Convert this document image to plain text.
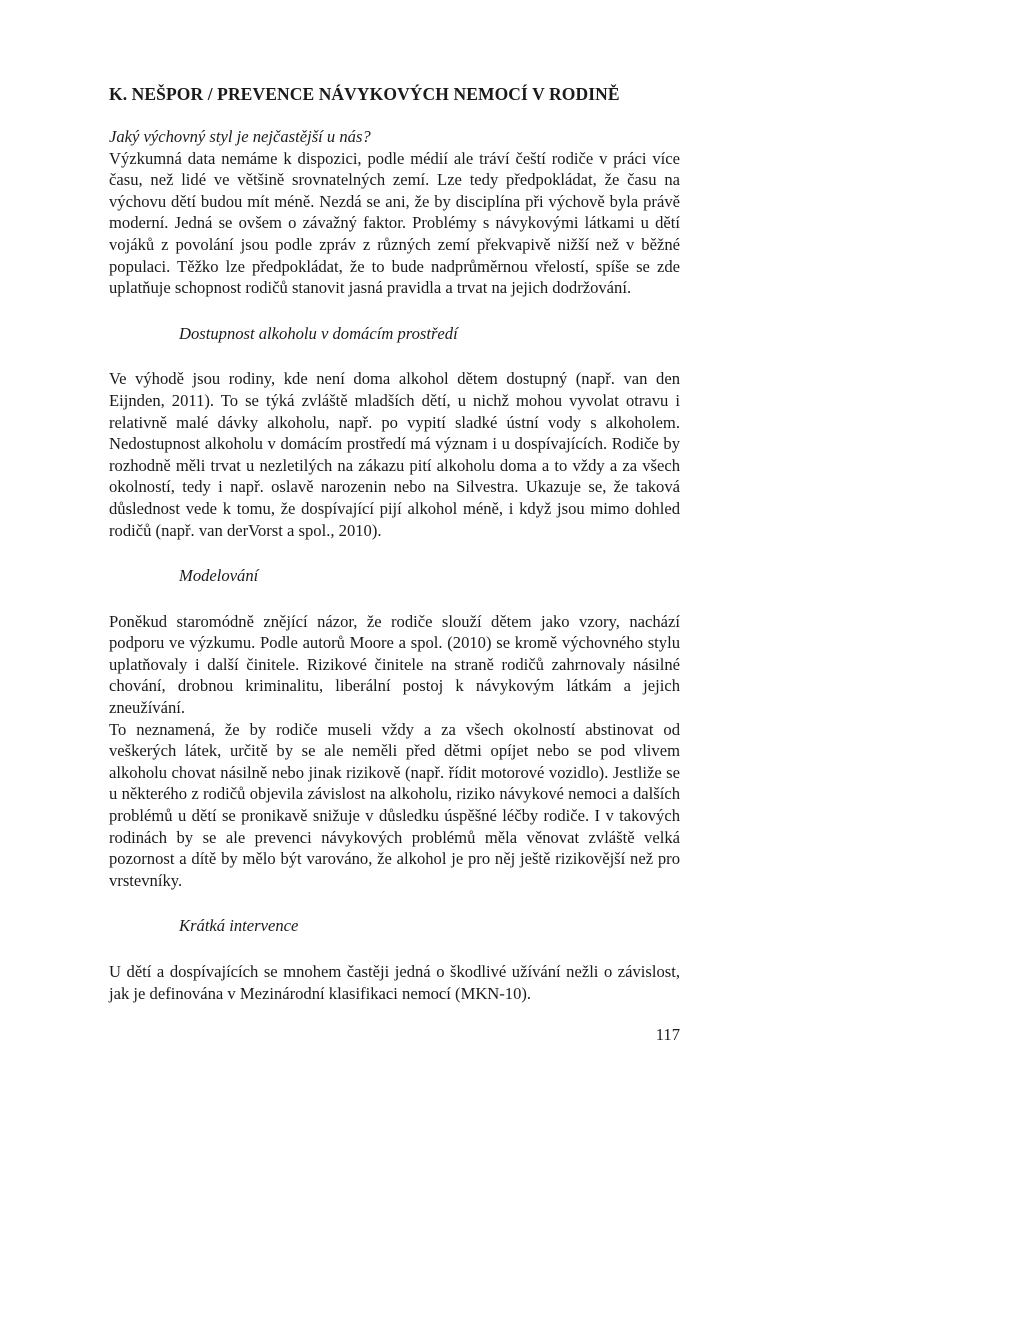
K. NEŠPOR / PREVENCE NÁVYKOVÝCH NEMOCÍ V RODINĚ

Jaký výchovný styl je nejčastější u nás?

Výzkumná data nemáme k dispozici, podle médií ale tráví čeští rodiče v práci více času, než lidé ve většině srovnatelných zemí. Lze tedy předpokládat, že času na výchovu dětí budou mít méně. Nezdá se ani, že by disciplína při výchově byla právě moderní. Jedná se ovšem o závažný faktor. Problémy s návykovými látkami u dětí vojáků z povolání jsou podle zpráv z různých zemí překvapivě nižší než v běžné populaci. Těžko lze předpokládat, že to bude nadprůměrnou vřelostí, spíše se zde uplatňuje schopnost rodičů stanovit jasná pravidla a trvat na jejich dodržování.

Dostupnost alkoholu v domácím prostředí

Ve výhodě jsou rodiny, kde není doma alkohol dětem dostupný (např. van den Eijnden, 2011). To se týká zvláště mladších dětí, u nichž mohou vyvolat otravu i relativně malé dávky alkoholu, např. po vypití sladké ústní vody s alkoholem. Nedostupnost alkoholu v domácím prostředí má význam i u dospívajících. Rodiče by rozhodně měli trvat u nezletilých na zákazu pití alkoholu doma a to vždy a za všech okolností, tedy i např. oslavě narozenin nebo na Silvestra. Ukazuje se, že taková důslednost vede k tomu, že dospívající pijí alkohol méně, i když jsou mimo dohled rodičů (např. van derVorst a spol., 2010).

Modelování

Poněkud staromódně znějící názor, že rodiče slouží dětem jako vzory, nachází podporu ve výzkumu. Podle autorů Moore a spol. (2010) se kromě výchovného stylu uplatňovaly i další činitele. Rizikové činitele na straně rodičů zahrnovaly násilné chování, drobnou kriminalitu, liberální postoj k návykovým látkám a jejich zneužívání.

To neznamená, že by rodiče museli vždy a za všech okolností abstinovat od veškerých látek, určitě by se ale neměli před dětmi opíjet nebo se pod vlivem alkoholu chovat násilně nebo jinak rizikově (např. řídit motorové vozidlo). Jestliže se u některého z rodičů objevila závislost na alkoholu, riziko návykové nemoci a dalších problémů u dětí se pronikavě snižuje v důsledku úspěšné léčby rodiče. I v takových rodinách by se ale prevenci návykových problémů měla věnovat zvláště velká pozornost a dítě by mělo být varováno, že alkohol je pro něj ještě rizikovější než pro vrstevníky.

Krátká intervence

U dětí a dospívajících se mnohem častěji jedná o škodlivé užívání nežli o závislost, jak je definována v Mezinárodní klasifikaci nemocí (MKN-10).

117
